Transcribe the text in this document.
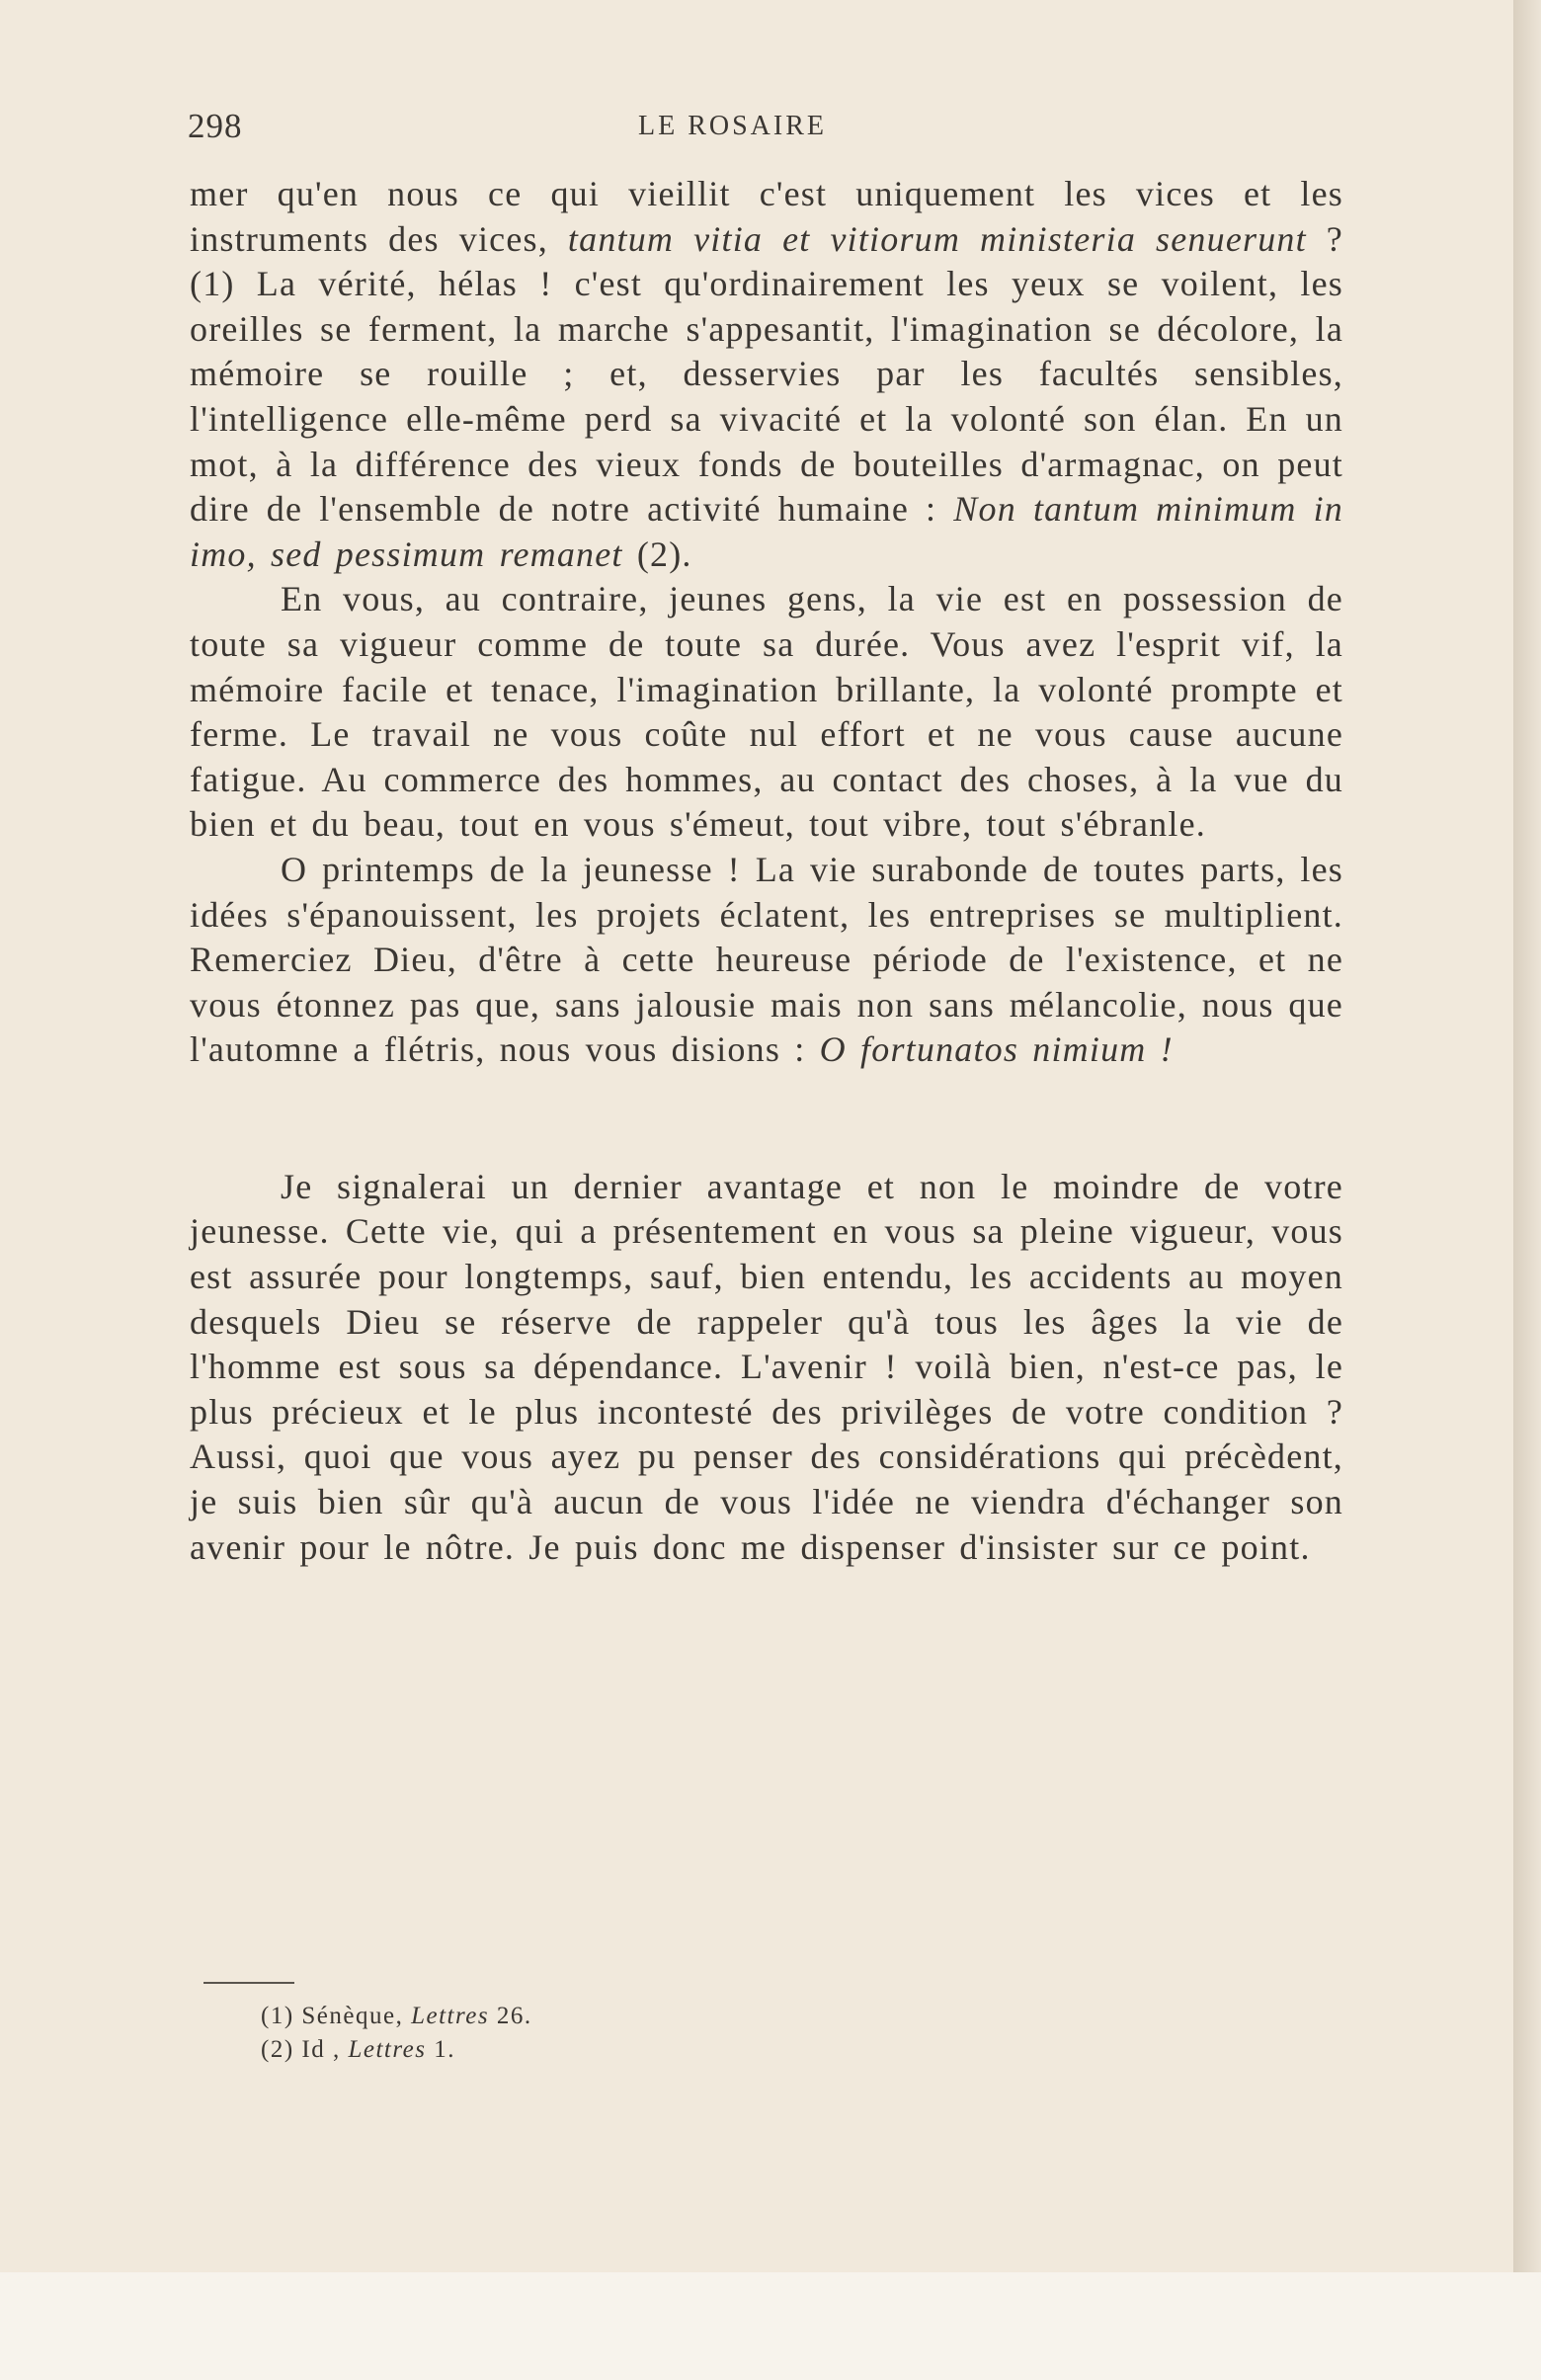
298	LE ROSAIRE

mer qu'en nous ce qui vieillit c'est uniquement les vices et les instruments des vices, tantum vitia et vitiorum ministeria senuerunt ? (1) La vérité, hélas ! c'est qu'ordinairement les yeux se voilent, les oreilles se ferment, la marche s'appesantit, l'imagination se décolore, la mémoire se rouille ; et, desservies par les facultés sensibles, l'intelligence elle-même perd sa vivacité et la volonté son élan. En un mot, à la différence des vieux fonds de bouteilles d'armagnac, on peut dire de l'ensemble de notre activité humaine : Non tantum minimum in imo, sed pessimum remanet (2).

En vous, au contraire, jeunes gens, la vie est en possession de toute sa vigueur comme de toute sa durée. Vous avez l'esprit vif, la mémoire facile et tenace, l'imagination brillante, la volonté prompte et ferme. Le travail ne vous coûte nul effort et ne vous cause aucune fatigue. Au commerce des hommes, au contact des choses, à la vue du bien et du beau, tout en vous s'émeut, tout vibre, tout s'ébranle.

O printemps de la jeunesse ! La vie surabonde de toutes parts, les idées s'épanouissent, les projets éclatent, les entreprises se multiplient. Remerciez Dieu, d'être à cette heureuse période de l'existence, et ne vous étonnez pas que, sans jalousie mais non sans mélancolie, nous que l'automne a flétris, nous vous disions : O fortunatos nimium !

Je signalerai un dernier avantage et non le moindre de votre jeunesse. Cette vie, qui a présentement en vous sa pleine vigueur, vous est assurée pour longtemps, sauf, bien entendu, les accidents au moyen desquels Dieu se réserve de rappeler qu'à tous les âges la vie de l'homme est sous sa dépendance. L'avenir ! voilà bien, n'est-ce pas, le plus précieux et le plus incontesté des privilèges de votre condition ? Aussi, quoi que vous ayez pu penser des considérations qui précèdent, je suis bien sûr qu'à aucun de vous l'idée ne viendra d'échanger son avenir pour le nôtre. Je puis donc me dispenser d'insister sur ce point.

(1) Sénèque, Lettres 26.

(2) Id , Lettres 1.
